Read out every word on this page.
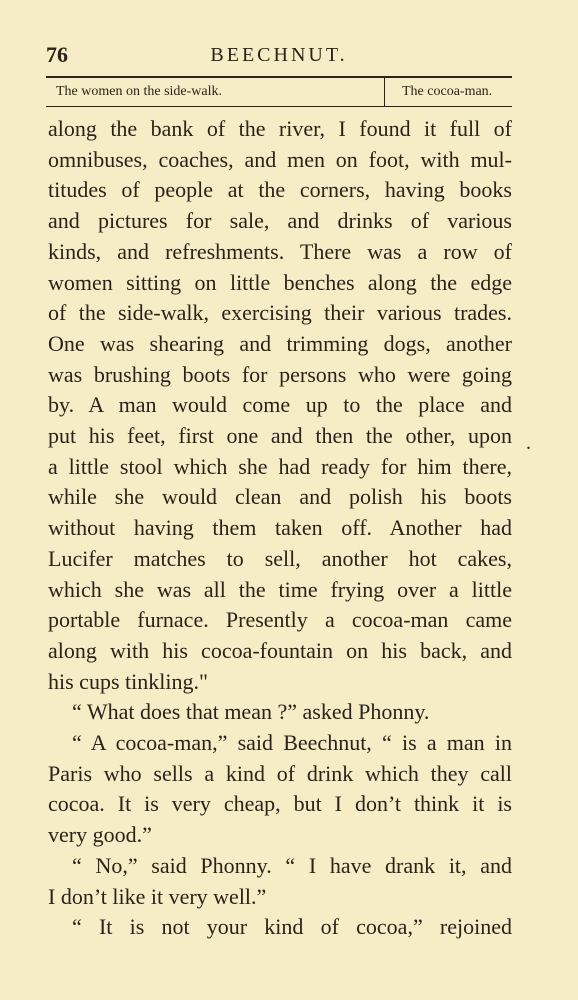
76	BEECHNUT.
The women on the side-walk.	The cocoa-man.
along the bank of the river, I found it full of
omnibuses, coaches, and men on foot, with mul-
titudes of people at the corners, having books
and pictures for sale, and drinks of various
kinds, and refreshments. There was a row of
women sitting on little benches along the edge
of the side-walk, exercising their various trades.
One was shearing and trimming dogs, another
was brushing boots for persons who were going
by. A man would come up to the place and
put his feet, first one and then the other, upon
a little stool which she had ready for him there,
while she would clean and polish his boots
without having them taken off. Another had
Lucifer matches to sell, another hot cakes,
which she was all the time frying over a little
portable furnace. Presently a cocoa-man came
along with his cocoa-fountain on his back, and
his cups tinkling."
“ What does that mean ?” asked Phonny.
“ A cocoa-man,” said Beechnut, “ is a man in
Paris who sells a kind of drink which they call
cocoa. It is very cheap, but I don’t think it is
very good.”
“ No,” said Phonny. “ I have drank it, and
I don’t like it very well.”
“ It is not your kind of cocoa,” rejoined
.
